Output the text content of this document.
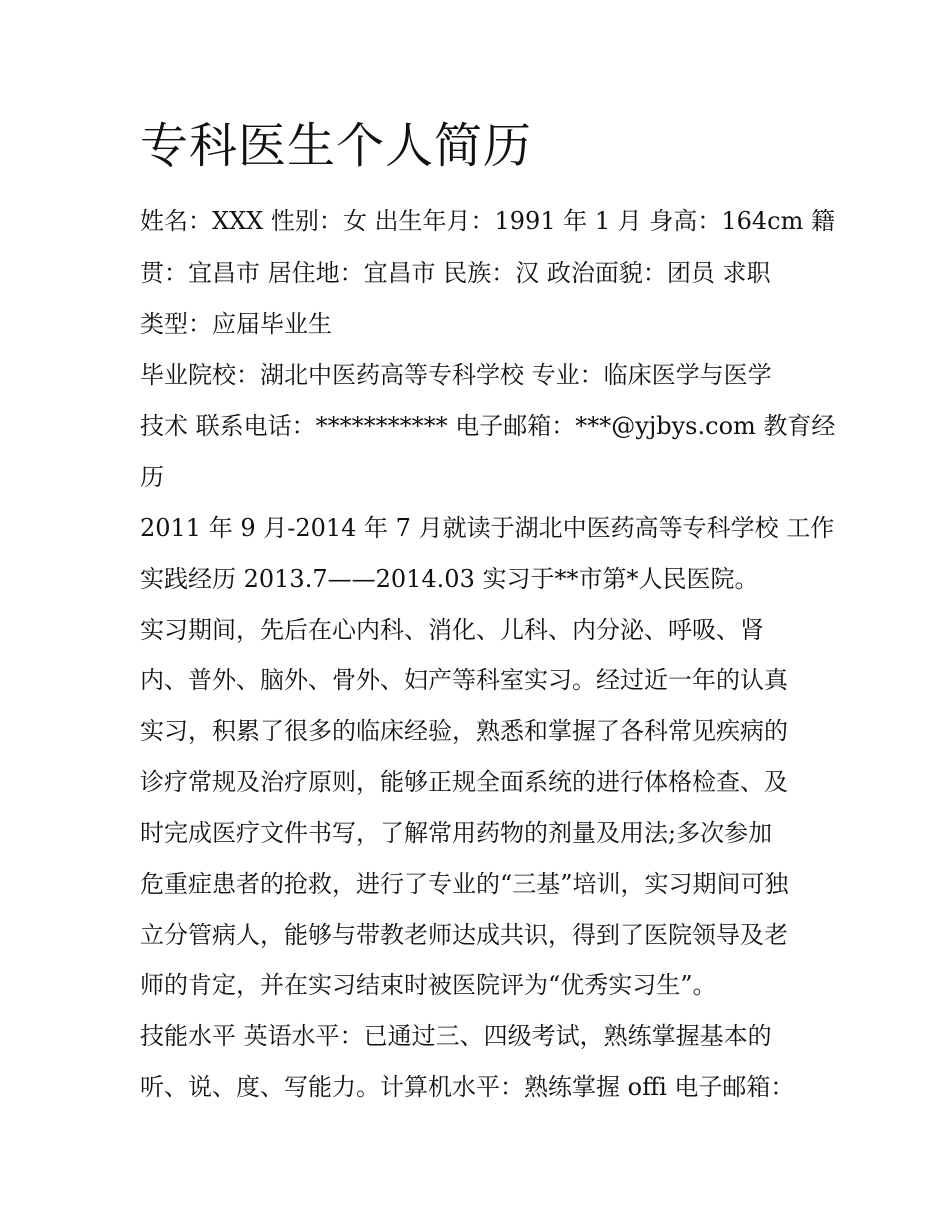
专科医生个人简历

姓名：XXX 性别：女 出生年月：1991 年 1 月 身高：164cm 籍

贯：宜昌市 居住地：宜昌市 民族：汉 政治面貌：团员 求职

类型：应届毕业生

毕业院校：湖北中医药高等专科学校 专业：临床医学与医学

技术 联系电话：*********** 电子邮箱：***@yjbys.com 教育经

历

2011 年 9 月-2014 年 7 月就读于湖北中医药高等专科学校 工作

实践经历 2013.7——2014.03 实习于**市第*人民医院。

实习期间，先后在心内科、消化、儿科、内分泌、呼吸、肾

内、普外、脑外、骨外、妇产等科室实习。经过近一年的认真

实习，积累了很多的临床经验，熟悉和掌握了各科常见疾病的

诊疗常规及治疗原则，能够正规全面系统的进行体格检查、及

时完成医疗文件书写，了解常用药物的剂量及用法;多次参加

危重症患者的抢救，进行了专业的“三基”培训，实习期间可独

立分管病人，能够与带教老师达成共识，得到了医院领导及老

师的肯定，并在实习结束时被医院评为“优秀实习生”。

技能水平 英语水平：已通过三、四级考试，熟练掌握基本的

听、说、度、写能力。计算机水平：熟练掌握 offi 电子邮箱：
